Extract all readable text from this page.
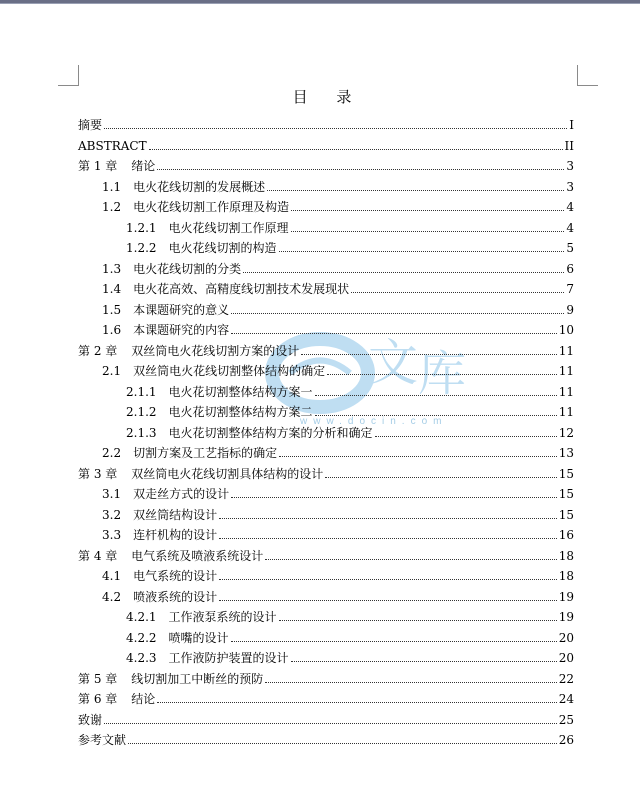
目 录
文 库
www.docin.com
摘要	I
ABSTRACT	II
第 1 章 绪论	3
1.1 电火花线切割的发展概述	3
1.2 电火花线切割工作原理及构造	4
1.2.1 电火花线切割工作原理	4
1.2.2 电火花线切割的构造	5
1.3 电火花线切割的分类	6
1.4 电火花高效、高精度线切割技术发展现状	7
1.5 本课题研究的意义	9
1.6 本课题研究的内容	10
第 2 章 双丝筒电火花线切割方案的设计	11
2.1 双丝筒电火花线切割整体结构的确定	11
2.1.1 电火花切割整体结构方案一	11
2.1.2 电火花切割整体结构方案二	11
2.1.3 电火花切割整体结构方案的分析和确定	12
2.2 切割方案及工艺指标的确定	13
第 3 章 双丝筒电火花线切割具体结构的设计	15
3.1 双走丝方式的设计	15
3.2 双丝筒结构设计	15
3.3 连杆机构的设计	16
第 4 章 电气系统及喷液系统设计	18
4.1 电气系统的设计	18
4.2 喷液系统的设计	19
4.2.1 工作液泵系统的设计	19
4.2.2 喷嘴的设计	20
4.2.3 工作液防护装置的设计	20
第 5 章 线切割加工中断丝的预防	22
第 6 章 结论	24
致谢	25
参考文献	26
